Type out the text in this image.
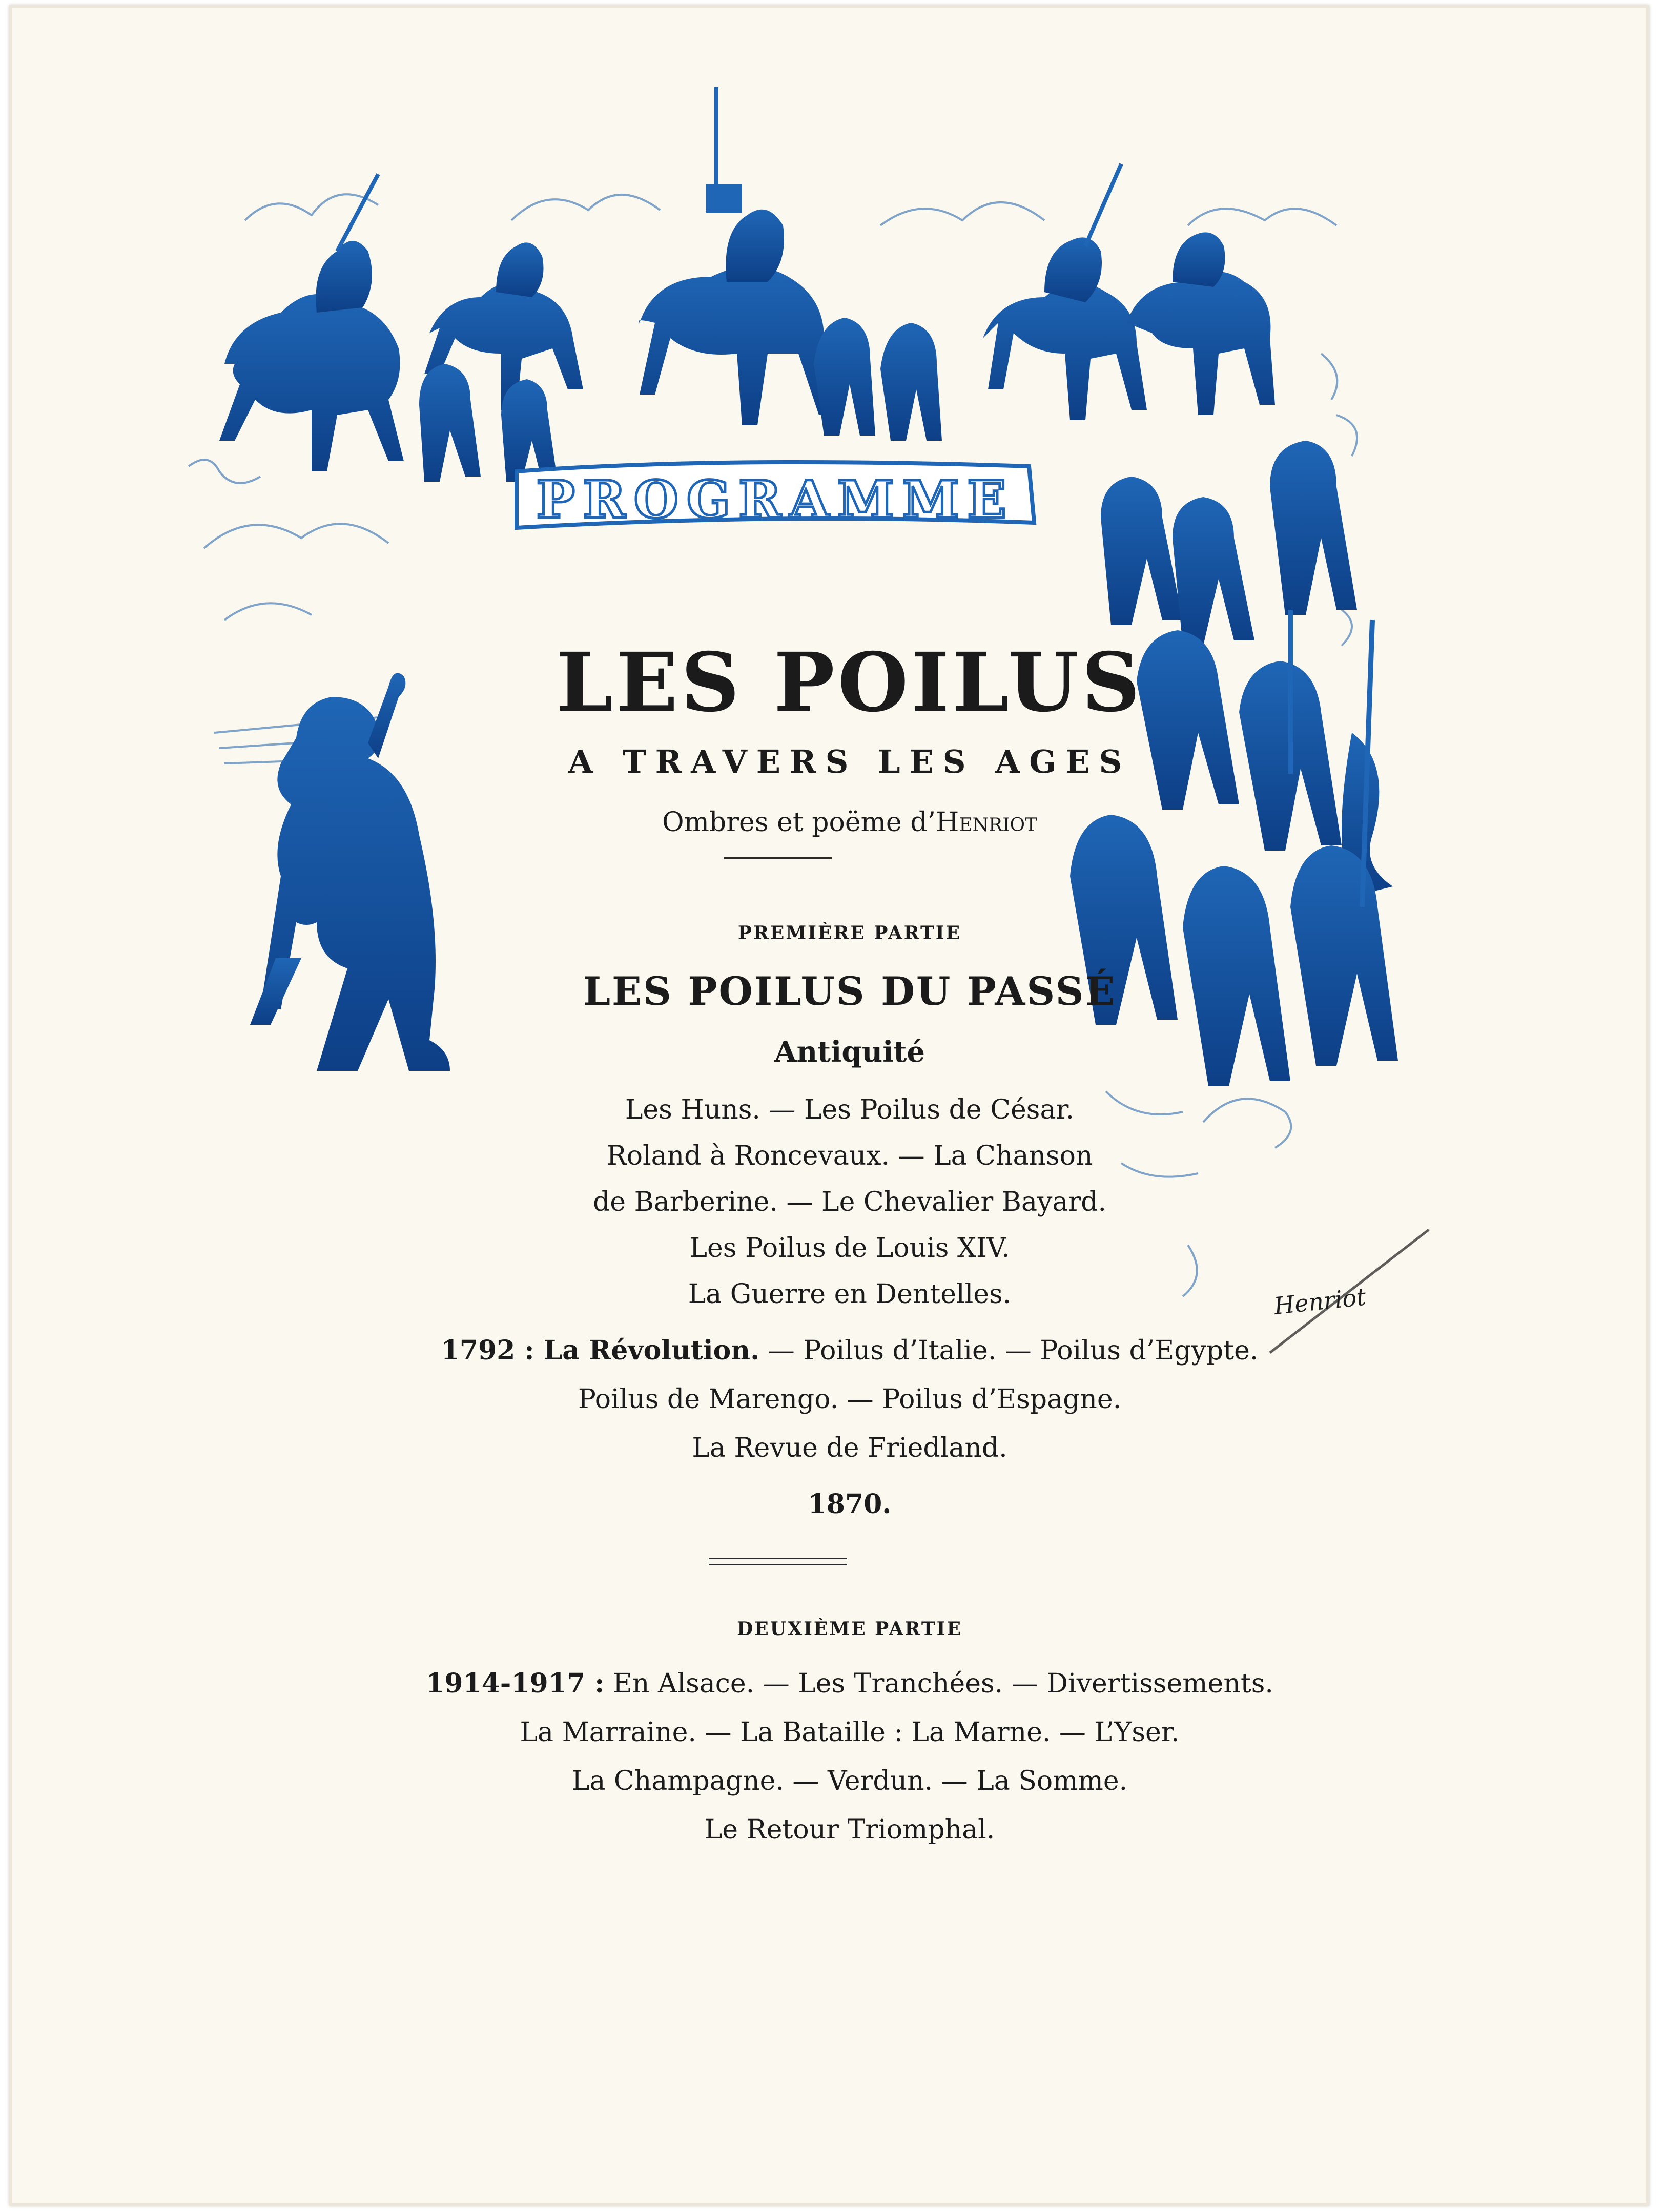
PROGRAMME
Henriot
LES POILUS
A TRAVERS LES AGES
Ombres et poëme d’Henriot
PREMIÈRE PARTIE
LES POILUS DU PASSÉ
Antiquité
Les Huns. — Les Poilus de César.
Roland à Roncevaux. — La Chanson
de Barberine. — Le Chevalier Bayard.
Les Poilus de Louis XIV.
La Guerre en Dentelles.
1792 : La Révolution. — Poilus d’Italie. — Poilus d’Egypte.
Poilus de Marengo. — Poilus d’Espagne.
La Revue de Friedland.
1870.
DEUXIÈME PARTIE
1914-1917 : En Alsace. — Les Tranchées. — Divertissements.
La Marraine. — La Bataille : La Marne. — L’Yser.
La Champagne. — Verdun. — La Somme.
Le Retour Triomphal.
